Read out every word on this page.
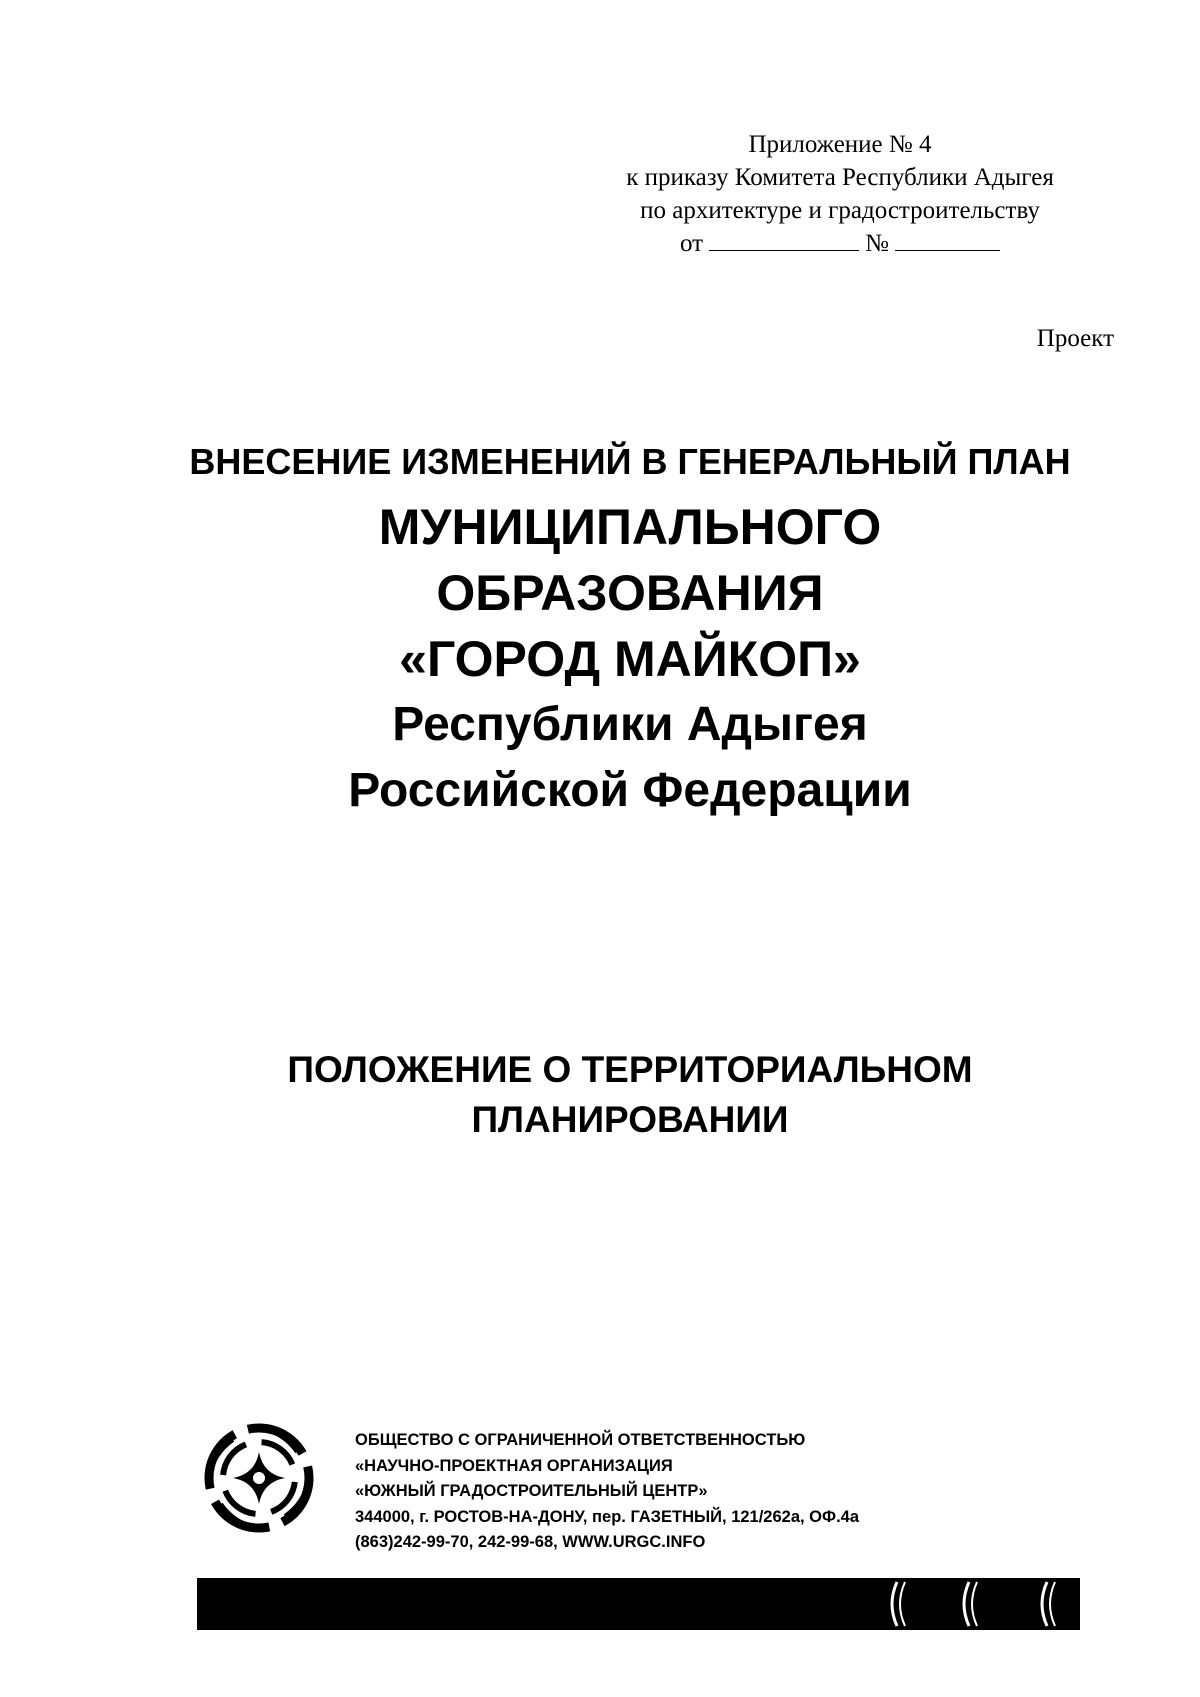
Приложение № 4
к приказу Комитета Республики Адыгея
по архитектуре и градостроительству
от	№
Проект
ВНЕСЕНИЕ ИЗМЕНЕНИЙ В ГЕНЕРАЛЬНЫЙ ПЛАН
МУНИЦИПАЛЬНОГО
ОБРАЗОВАНИЯ
«ГОРОД МАЙКОП»
Республики Адыгея
Российской Федерации
ПОЛОЖЕНИЕ О ТЕРРИТОРИАЛЬНОМ
ПЛАНИРОВАНИИ
ОБЩЕСТВО С ОГРАНИЧЕННОЙ ОТВЕТСТВЕННОСТЬЮ
«НАУЧНО-ПРОЕКТНАЯ ОРГАНИЗАЦИЯ
«ЮЖНЫЙ ГРАДОСТРОИТЕЛЬНЫЙ ЦЕНТР»
344000, г. РОСТОВ-НА-ДОНУ, пер. ГАЗЕТНЫЙ, 121/262а, ОФ.4а
(863)242-99-70, 242-99-68, WWW.URGC.INFO
